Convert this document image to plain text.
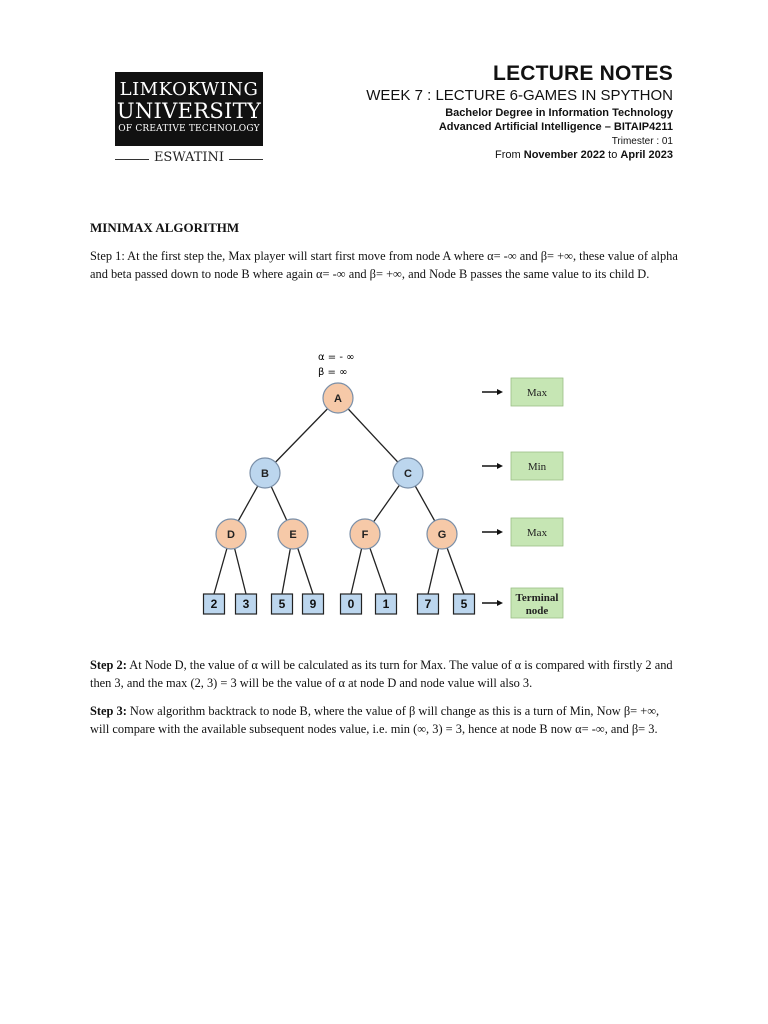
LIMKOKWING
UNIVERSITY
OF CREATIVE TECHNOLOGY
ESWATINI
LECTURE NOTES
WEEK 7 : LECTURE 6-GAMES IN SPYTHON
Bachelor Degree in Information Technology
Advanced Artificial Intelligence – BITAIP4211
Trimester : 01
From November 2022 to April 2023
MINIMAX ALGORITHM
Step 1: At the first step the, Max player will start first move from node A where α= -∞ and β= +∞, these value of alpha and beta passed down to node B where again α= -∞ and β= +∞, and Node B passes the same value to its child D.
α = - ∞
β = ∞
A
B	C
D	E	F	G
2 3 5 9	0 1	7 5
Max
Min
Max
Terminal
node
Step 2: At Node D, the value of α will be calculated as its turn for Max. The value of α is compared with firstly 2 and then 3, and the max (2, 3) = 3 will be the value of α at node D and node value will also 3.
Step 3: Now algorithm backtrack to node B, where the value of β will change as this is a turn of Min, Now β= +∞, will compare with the available subsequent nodes value, i.e. min (∞, 3) = 3, hence at node B now α= -∞, and β= 3.
